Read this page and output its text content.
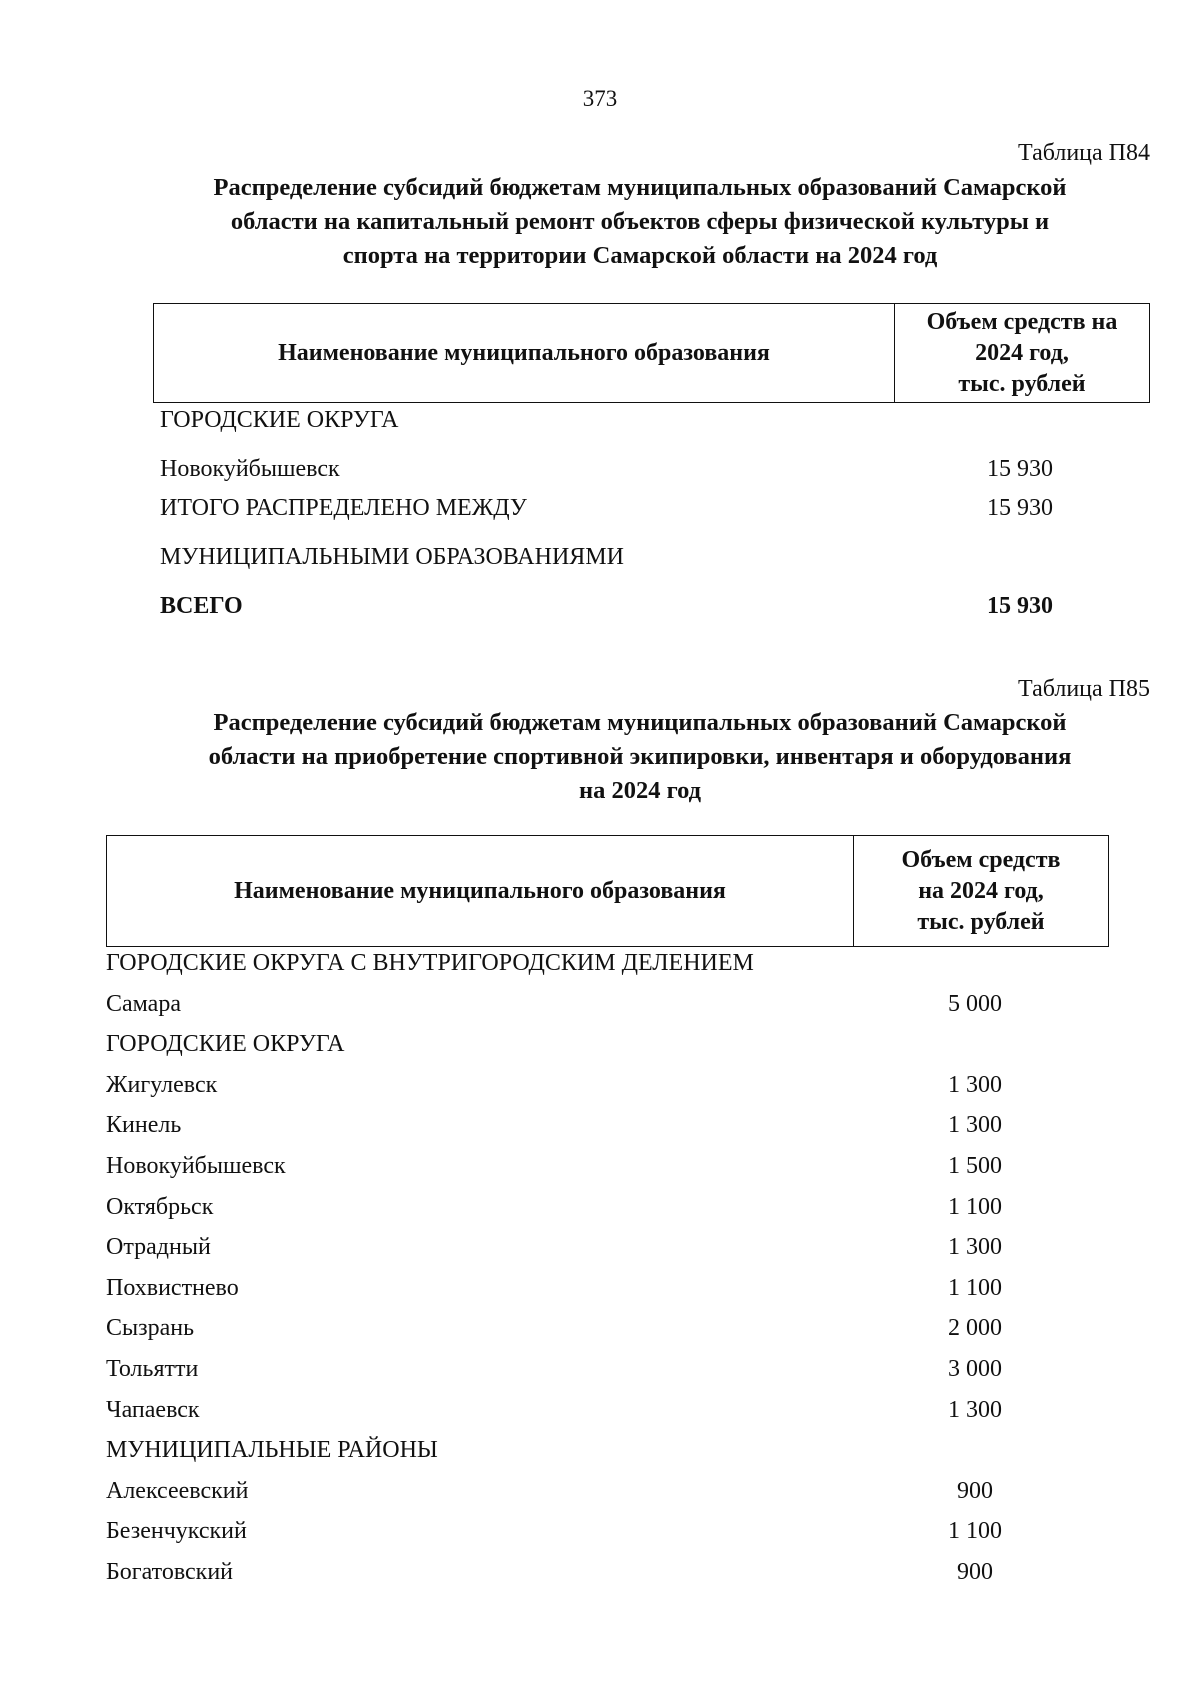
373
Таблица П84
Распределение субсидий бюджетам муниципальных образований Самарской
области на капитальный ремонт объектов сферы физической культуры и
спорта на территории Самарской области на 2024 год
Наименование муниципального образования
Объем средств на
2024 год,
тыс. рублей
ГОРОДСКИЕ ОКРУГА
Новокуйбышевск	15 930
ИТОГО РАСПРЕДЕЛЕНО МЕЖДУ	15 930
МУНИЦИПАЛЬНЫМИ ОБРАЗОВАНИЯМИ
ВСЕГО	15 930
Таблица П85
Распределение субсидий бюджетам муниципальных образований Самарской
области на приобретение спортивной экипировки, инвентаря и оборудования
на 2024 год
Наименование муниципального образования
Объем средств
на 2024 год,
тыс. рублей
ГОРОДСКИЕ ОКРУГА С ВНУТРИГОРОДСКИМ ДЕЛЕНИЕМ
Самара	5 000
ГОРОДСКИЕ ОКРУГА
Жигулевск	1 300
Кинель	1 300
Новокуйбышевск	1 500
Октябрьск	1 100
Отрадный	1 300
Похвистнево	1 100
Сызрань	2 000
Тольятти	3 000
Чапаевск	1 300
МУНИЦИПАЛЬНЫЕ РАЙОНЫ
Алексеевский	900
Безенчукский	1 100
Богатовский	900
